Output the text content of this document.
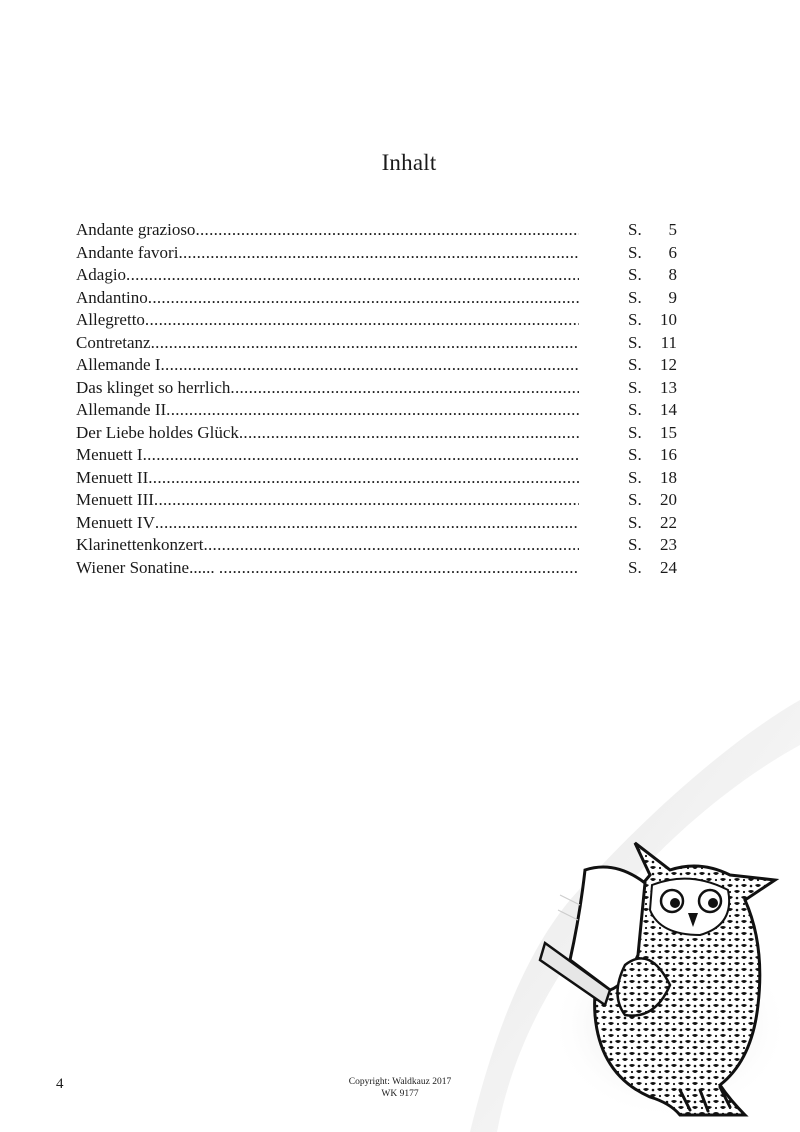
Inhalt
Andante grazioso .....	S.	5
Andante favori .....	S.	6
Adagio .....	S.	8
Andantino .....	S.	9
Allegretto .....	S.	10
Contretanz .....	S.	11
Allemande I .....	S.	12
Das klinget so herrlich .....	S.	13
Allemande II .....	S.	14
Der Liebe holdes Glück .....	S.	15
Menuett I .....	S.	16
Menuett II .....	S.	18
Menuett III .....	S.	20
Menuett IV .....	S.	22
Klarinettenkonzert .....	S.	23
Wiener Sonatine...... .....	S.	24
4	Copyright: Waldkauz 2017
WK 9177
